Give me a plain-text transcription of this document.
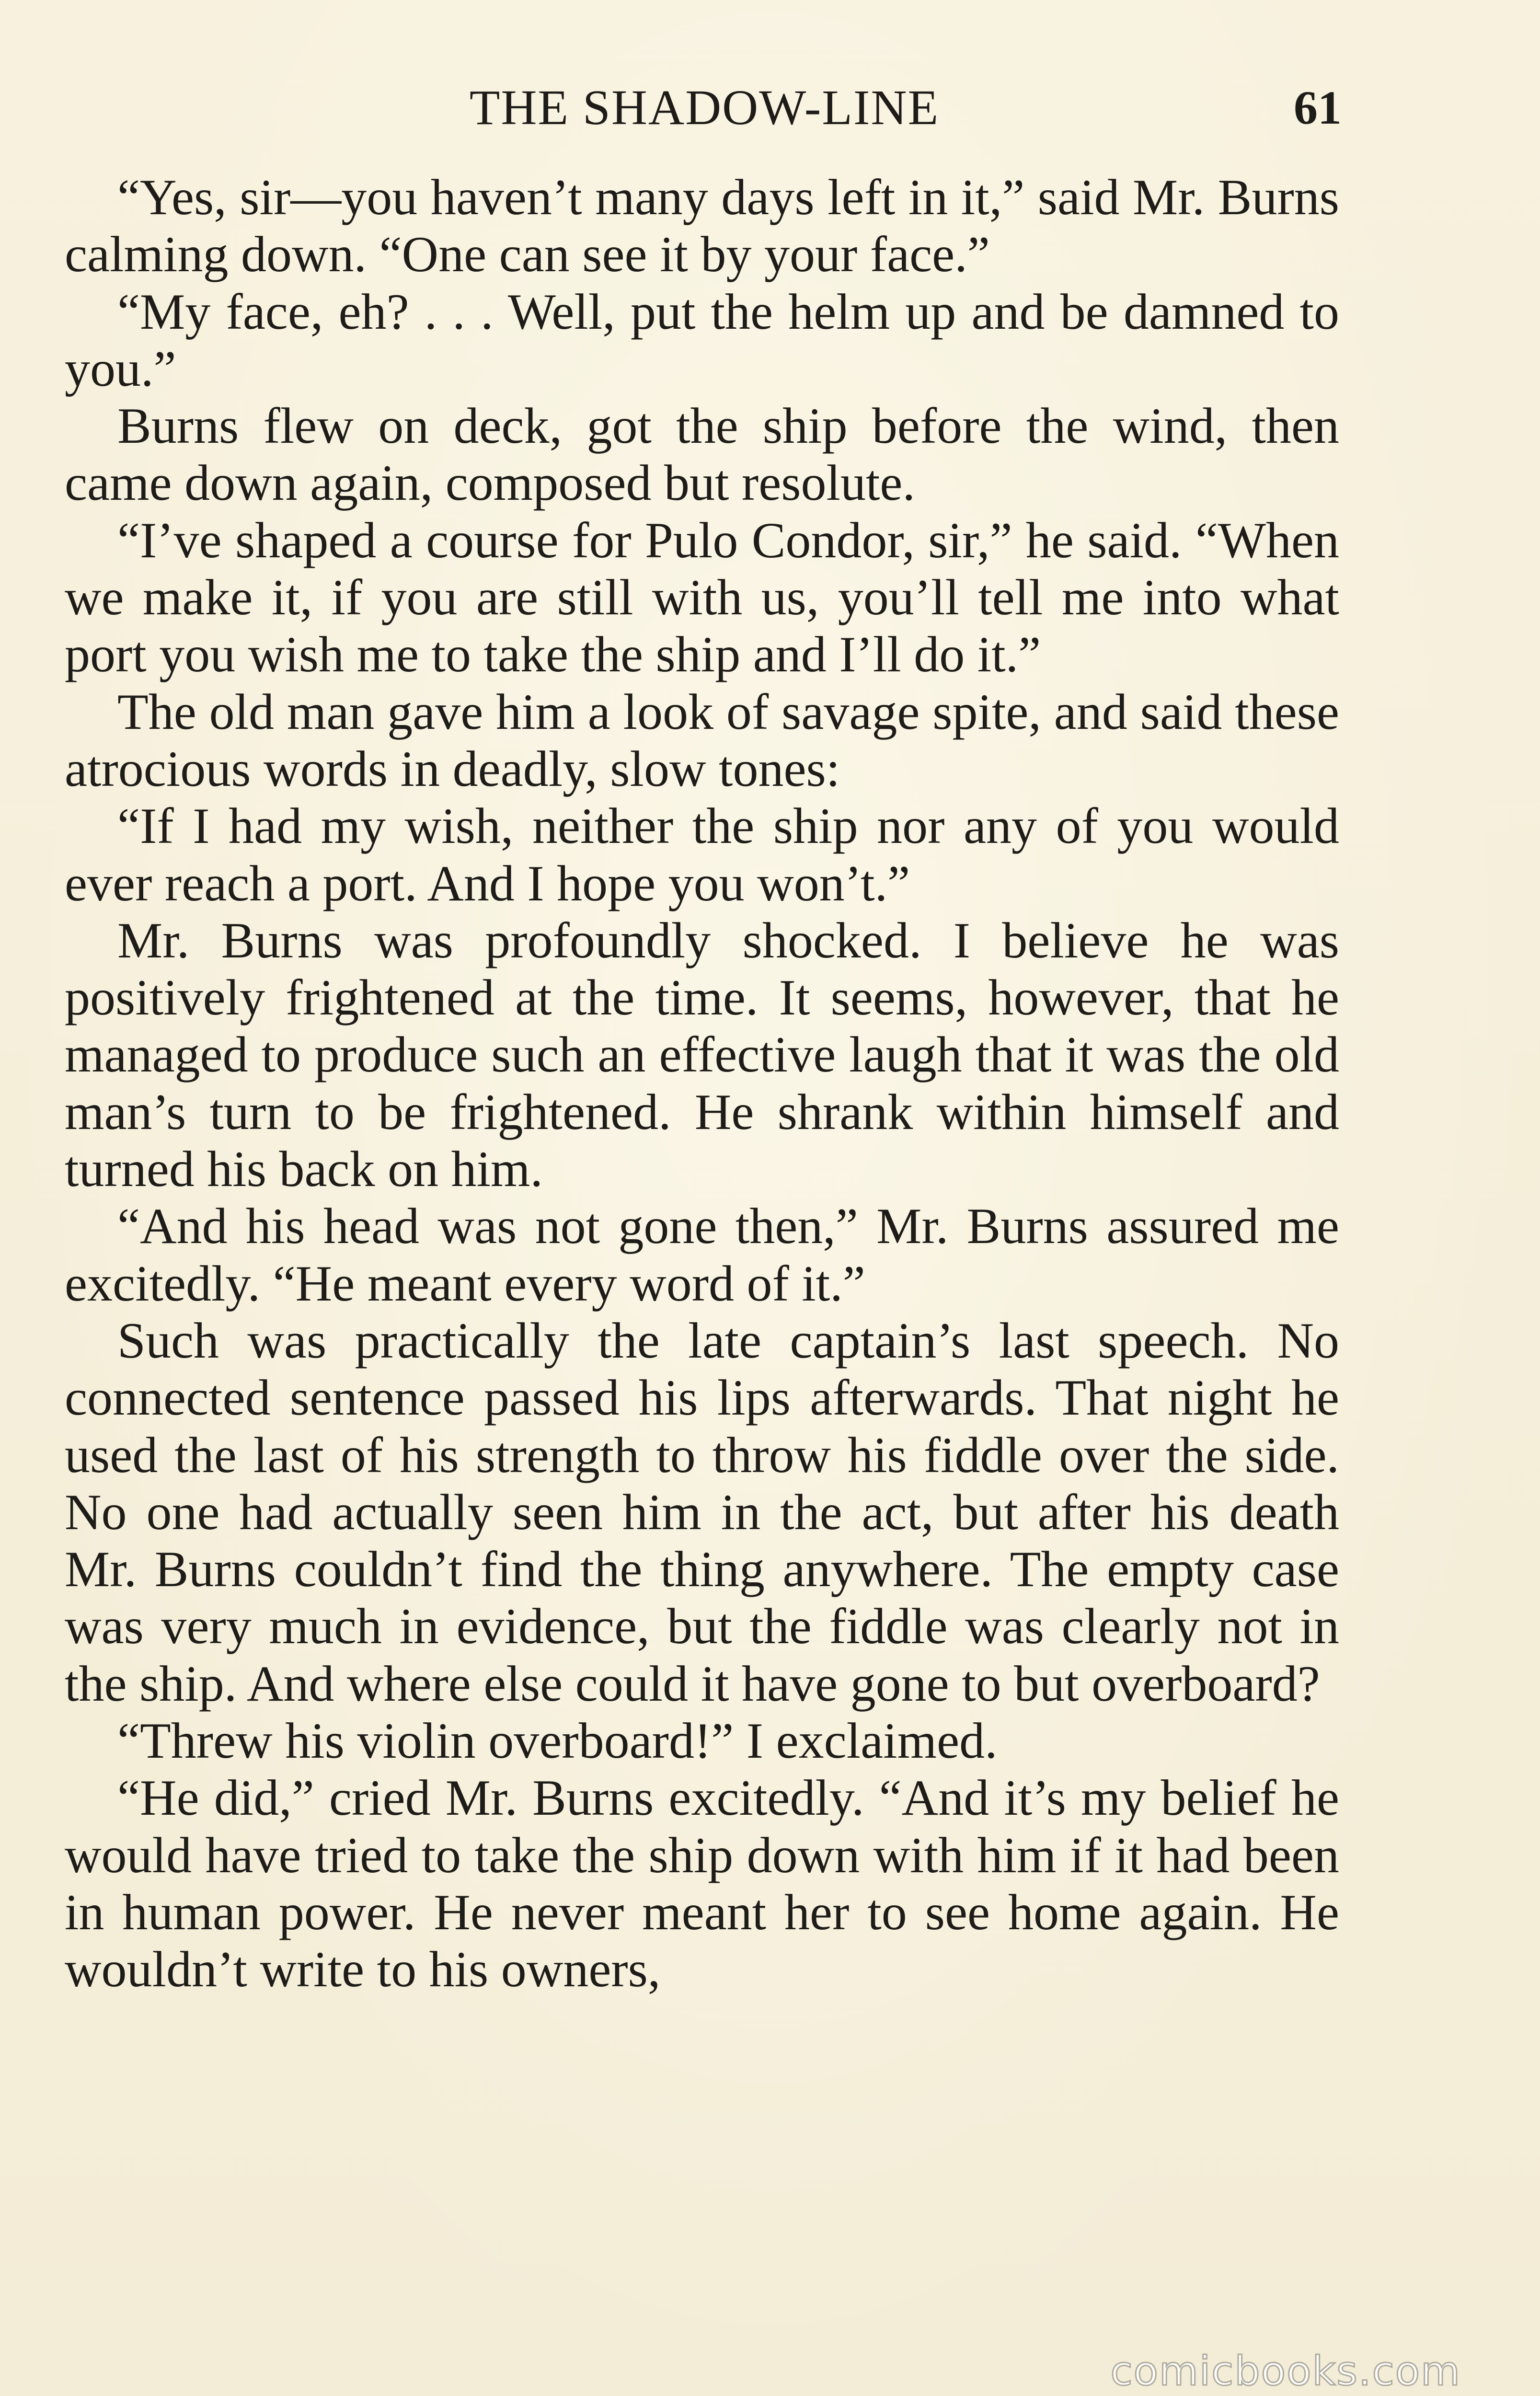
THE SHADOW-LINE	61

“Yes, sir—you haven’t many days left in it,” said Mr. Burns calming down. “One can see it by your face.”

“My face, eh? . . . Well, put the helm up and be damned to you.”

Burns flew on deck, got the ship before the wind, then came down again, composed but resolute.

“I’ve shaped a course for Pulo Condor, sir,” he said. “When we make it, if you are still with us, you’ll tell me into what port you wish me to take the ship and I’ll do it.”

The old man gave him a look of savage spite, and said these atrocious words in deadly, slow tones:

“If I had my wish, neither the ship nor any of you would ever reach a port. And I hope you won’t.”

Mr. Burns was profoundly shocked. I believe he was positively frightened at the time. It seems, however, that he managed to produce such an effective laugh that it was the old man’s turn to be frightened. He shrank within himself and turned his back on him.

“And his head was not gone then,” Mr. Burns assured me excitedly. “He meant every word of it.”

Such was practically the late captain’s last speech. No connected sentence passed his lips afterwards. That night he used the last of his strength to throw his fiddle over the side. No one had actually seen him in the act, but after his death Mr. Burns couldn’t find the thing anywhere. The empty case was very much in evidence, but the fiddle was clearly not in the ship. And where else could it have gone to but overboard?

“Threw his violin overboard!” I exclaimed.

“He did,” cried Mr. Burns excitedly. “And it’s my belief he would have tried to take the ship down with him if it had been in human power. He never meant her to see home again. He wouldn’t write to his owners,

comicbooks.com
